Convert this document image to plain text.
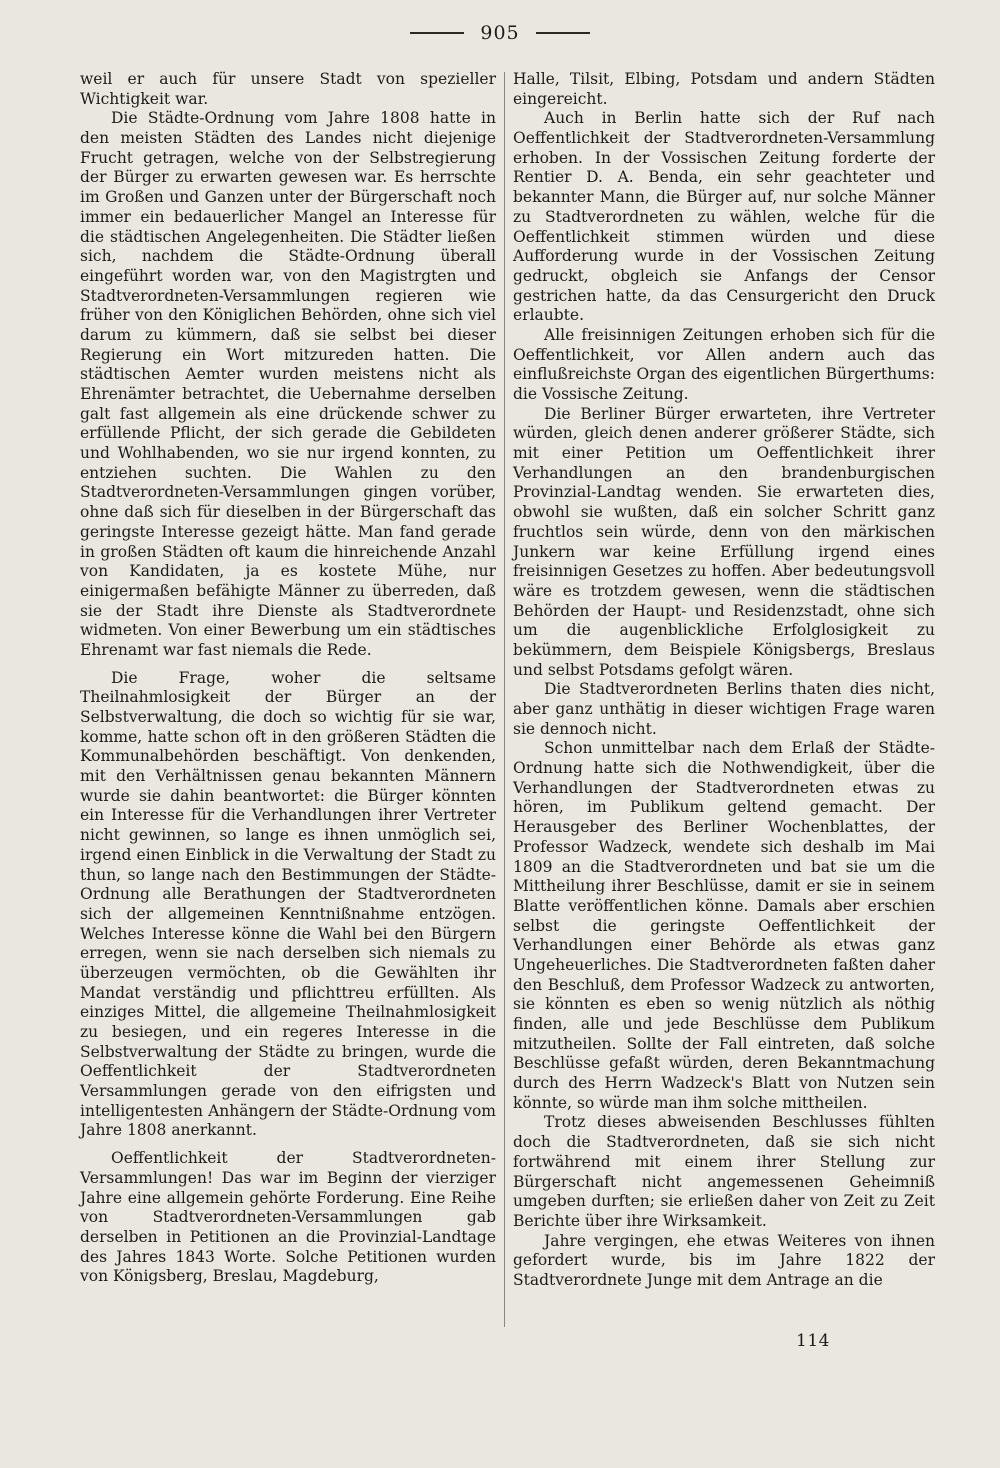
905

weil er auch für unsere Stadt von spezieller Wichtigkeit war.

Die Städte-Ordnung vom Jahre 1808 hatte in den meisten Städten des Landes nicht diejenige Frucht getragen, welche von der Selbstregierung der Bürger zu erwarten gewesen war. Es herrschte im Großen und Ganzen unter der Bürgerschaft noch immer ein bedauerlicher Mangel an Interesse für die städtischen Angelegenheiten. Die Städter ließen sich, nachdem die Städte-Ordnung überall eingeführt worden war, von den Magistrgten und Stadtverordneten-Versammlungen regieren wie früher von den Königlichen Behörden, ohne sich viel darum zu kümmern, daß sie selbst bei dieser Regierung ein Wort mitzureden hatten. Die städtischen Aemter wurden meistens nicht als Ehrenämter betrachtet, die Uebernahme derselben galt fast allgemein als eine drückende schwer zu erfüllende Pflicht, der sich gerade die Gebildeten und Wohlhabenden, wo sie nur irgend konnten, zu entziehen suchten. Die Wahlen zu den Stadtverordneten-Versammlungen gingen vorüber, ohne daß sich für dieselben in der Bürgerschaft das geringste Interesse gezeigt hätte. Man fand gerade in großen Städten oft kaum die hinreichende Anzahl von Kandidaten, ja es kostete Mühe, nur einigermaßen befähigte Männer zu überreden, daß sie der Stadt ihre Dienste als Stadtverordnete widmeten. Von einer Bewerbung um ein städtisches Ehrenamt war fast niemals die Rede.

Die Frage, woher die seltsame Theilnahmlosigkeit der Bürger an der Selbstverwaltung, die doch so wichtig für sie war, komme, hatte schon oft in den größeren Städten die Kommunalbehörden beschäftigt. Von denkenden, mit den Verhältnissen genau bekannten Männern wurde sie dahin beantwortet: die Bürger könnten ein Interesse für die Verhandlungen ihrer Vertreter nicht gewinnen, so lange es ihnen unmöglich sei, irgend einen Einblick in die Verwaltung der Stadt zu thun, so lange nach den Bestimmungen der Städte-Ordnung alle Berathungen der Stadtverordneten sich der allgemeinen Kenntnißnahme entzögen. Welches Interesse könne die Wahl bei den Bürgern erregen, wenn sie nach derselben sich niemals zu überzeugen vermöchten, ob die Gewählten ihr Mandat verständig und pflichttreu erfüllten. Als einziges Mittel, die allgemeine Theilnahmlosigkeit zu besiegen, und ein regeres Interesse in die Selbstverwaltung der Städte zu bringen, wurde die Oeffentlichkeit der Stadtverordneten Versammlungen gerade von den eifrigsten und intelligentesten Anhängern der Städte-Ordnung vom Jahre 1808 anerkannt.

Oeffentlichkeit der Stadtverordneten-Versammlungen! Das war im Beginn der vierziger Jahre eine allgemein gehörte Forderung. Eine Reihe von Stadtverordneten-Versammlungen gab derselben in Petitionen an die Provinzial-Landtage des Jahres 1843 Worte. Solche Petitionen wurden von Königsberg, Breslau, Magdeburg,

Halle, Tilsit, Elbing, Potsdam und andern Städten eingereicht.

Auch in Berlin hatte sich der Ruf nach Oeffentlichkeit der Stadtverordneten-Versammlung erhoben. In der Vossischen Zeitung forderte der Rentier D. A. Benda, ein sehr geachteter und bekannter Mann, die Bürger auf, nur solche Männer zu Stadtverordneten zu wählen, welche für die Oeffentlichkeit stimmen würden und diese Aufforderung wurde in der Vossischen Zeitung gedruckt, obgleich sie Anfangs der Censor gestrichen hatte, da das Censurgericht den Druck erlaubte.

Alle freisinnigen Zeitungen erhoben sich für die Oeffentlichkeit, vor Allen andern auch das einflußreichste Organ des eigentlichen Bürgerthums: die Vossische Zeitung.

Die Berliner Bürger erwarteten, ihre Vertreter würden, gleich denen anderer größerer Städte, sich mit einer Petition um Oeffentlichkeit ihrer Verhandlungen an den brandenburgischen Provinzial-Landtag wenden. Sie erwarteten dies, obwohl sie wußten, daß ein solcher Schritt ganz fruchtlos sein würde, denn von den märkischen Junkern war keine Erfüllung irgend eines freisinnigen Gesetzes zu hoffen. Aber bedeutungsvoll wäre es trotzdem gewesen, wenn die städtischen Behörden der Haupt- und Residenzstadt, ohne sich um die augenblickliche Erfolglosigkeit zu bekümmern, dem Beispiele Königsbergs, Breslaus und selbst Potsdams gefolgt wären.

Die Stadtverordneten Berlins thaten dies nicht, aber ganz unthätig in dieser wichtigen Frage waren sie dennoch nicht.

Schon unmittelbar nach dem Erlaß der Städte-Ordnung hatte sich die Nothwendigkeit, über die Verhandlungen der Stadtverordneten etwas zu hören, im Publikum geltend gemacht. Der Herausgeber des Berliner Wochenblattes, der Professor Wadzeck, wendete sich deshalb im Mai 1809 an die Stadtverordneten und bat sie um die Mittheilung ihrer Beschlüsse, damit er sie in seinem Blatte veröffentlichen könne. Damals aber erschien selbst die geringste Oeffentlichkeit der Verhandlungen einer Behörde als etwas ganz Ungeheuerliches. Die Stadtverordneten faßten daher den Beschluß, dem Professor Wadzeck zu antworten, sie könnten es eben so wenig nützlich als nöthig finden, alle und jede Beschlüsse dem Publikum mitzutheilen. Sollte der Fall eintreten, daß solche Beschlüsse gefaßt würden, deren Bekanntmachung durch des Herrn Wadzeck's Blatt von Nutzen sein könnte, so würde man ihm solche mittheilen.

Trotz dieses abweisenden Beschlusses fühlten doch die Stadtverordneten, daß sie sich nicht fortwährend mit einem ihrer Stellung zur Bürgerschaft nicht angemessenen Geheimniß umgeben durften; sie erließen daher von Zeit zu Zeit Berichte über ihre Wirksamkeit.

Jahre vergingen, ehe etwas Weiteres von ihnen gefordert wurde, bis im Jahre 1822 der Stadtverordnete Junge mit dem Antrage an die

114
